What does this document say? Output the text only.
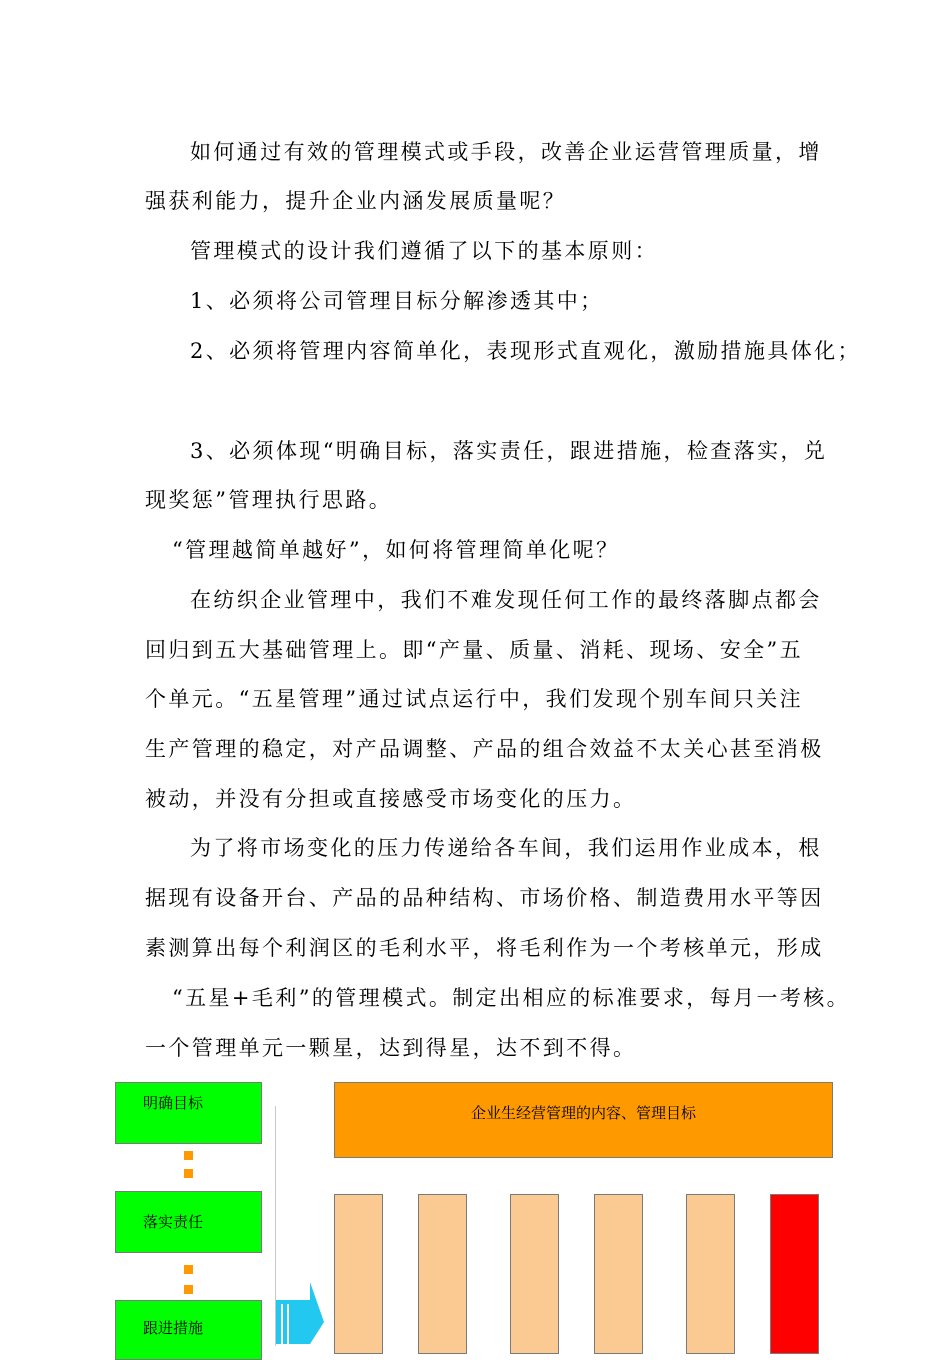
如何通过有效的管理模式或手段，改善企业运营管理质量，增
强获利能力，提升企业内涵发展质量呢？
管理模式的设计我们遵循了以下的基本原则：
1、必须将公司管理目标分解渗透其中；
2、必须将管理内容简单化，表现形式直观化，激励措施具体化；
3、必须体现“明确目标，落实责任，跟进措施，检查落实，兑
现奖惩”管理执行思路。
“管理越简单越好”，如何将管理简单化呢？
在纺织企业管理中，我们不难发现任何工作的最终落脚点都会
回归到五大基础管理上。即“产量、质量、消耗、现场、安全”五
个单元。“五星管理”通过试点运行中，我们发现个别车间只关注
生产管理的稳定，对产品调整、产品的组合效益不太关心甚至消极
被动，并没有分担或直接感受市场变化的压力。
为了将市场变化的压力传递给各车间，我们运用作业成本，根
据现有设备开台、产品的品种结构、市场价格、制造费用水平等因
素测算出每个利润区的毛利水平，将毛利作为一个考核单元，形成
“五星+毛利”的管理模式。制定出相应的标准要求，每月一考核。
一个管理单元一颗星，达到得星，达不到不得。
明确目标
落实责任
跟进措施
企业生经营管理的内容、管理目标
